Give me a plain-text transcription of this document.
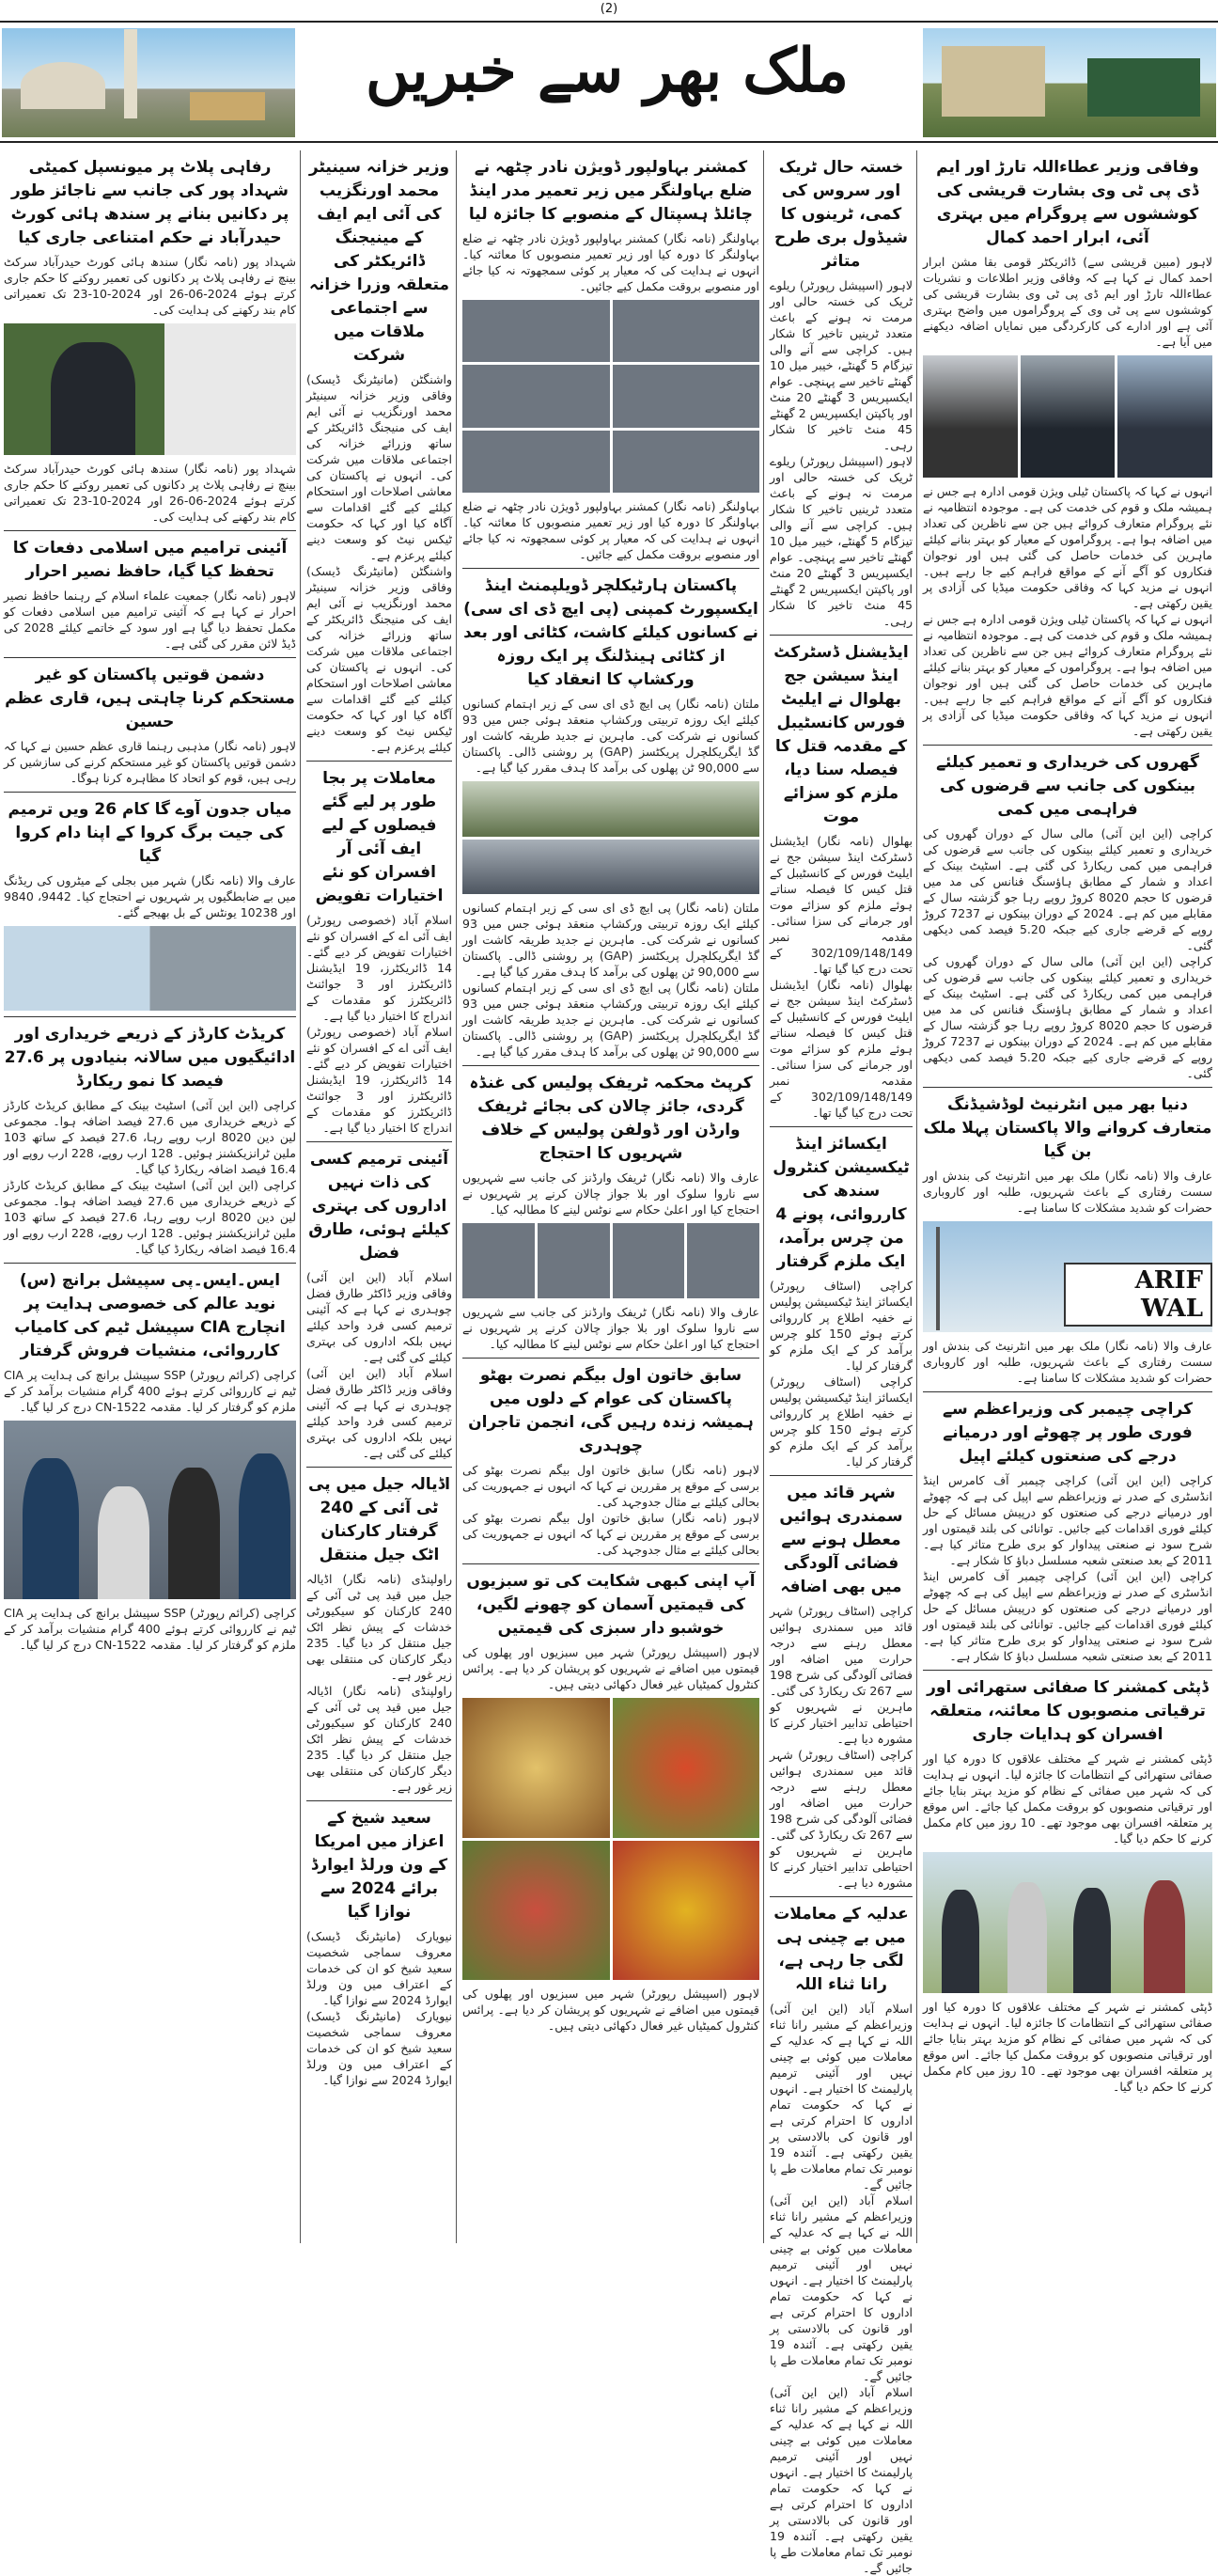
(2)
ملک بھر سے خبریں
وفاقی وزیر عطاءاللہ تارڑ اور ایم ڈی پی ٹی وی بشارت قریشی کی کوششوں سے پروگرام میں بہتری آئی، ابرار احمد کمال
لاہور (مبین قریشی سے) ڈائریکٹر قومی بقا مشن ابرار احمد کمال نے کہا ہے کہ وفاقی وزیر اطلاعات و نشریات عطاءاللہ تارڑ اور ایم ڈی پی ٹی وی بشارت قریشی کی کوششوں سے پی ٹی وی کے پروگراموں میں واضح بہتری آئی ہے اور ادارے کی کارکردگی میں نمایاں اضافہ دیکھنے میں آیا ہے۔
انہوں نے کہا کہ پاکستان ٹیلی ویژن قومی ادارہ ہے جس نے ہمیشہ ملک و قوم کی خدمت کی ہے۔ موجودہ انتظامیہ نے نئے پروگرام متعارف کروائے ہیں جن سے ناظرین کی تعداد میں اضافہ ہوا ہے۔ پروگراموں کے معیار کو بہتر بنانے کیلئے ماہرین کی خدمات حاصل کی گئی ہیں اور نوجوان فنکاروں کو آگے آنے کے مواقع فراہم کیے جا رہے ہیں۔ انہوں نے مزید کہا کہ وفاقی حکومت میڈیا کی آزادی پر یقین رکھتی ہے۔
انہوں نے کہا کہ پاکستان ٹیلی ویژن قومی ادارہ ہے جس نے ہمیشہ ملک و قوم کی خدمت کی ہے۔ موجودہ انتظامیہ نے نئے پروگرام متعارف کروائے ہیں جن سے ناظرین کی تعداد میں اضافہ ہوا ہے۔ پروگراموں کے معیار کو بہتر بنانے کیلئے ماہرین کی خدمات حاصل کی گئی ہیں اور نوجوان فنکاروں کو آگے آنے کے مواقع فراہم کیے جا رہے ہیں۔ انہوں نے مزید کہا کہ وفاقی حکومت میڈیا کی آزادی پر یقین رکھتی ہے۔
گھروں کی خریداری و تعمیر کیلئے بینکوں کی جانب سے قرضوں کی فراہمی میں کمی
کراچی (این این آئی) مالی سال کے دوران گھروں کی خریداری و تعمیر کیلئے بینکوں کی جانب سے قرضوں کی فراہمی میں کمی ریکارڈ کی گئی ہے۔ اسٹیٹ بینک کے اعداد و شمار کے مطابق ہاؤسنگ فنانس کی مد میں قرضوں کا حجم 8020 کروڑ روپے رہا جو گزشتہ سال کے مقابلے میں کم ہے۔ 2024 کے دوران بینکوں نے 7237 کروڑ روپے کے قرضے جاری کیے جبکہ 5.20 فیصد کمی دیکھی گئی۔
کراچی (این این آئی) مالی سال کے دوران گھروں کی خریداری و تعمیر کیلئے بینکوں کی جانب سے قرضوں کی فراہمی میں کمی ریکارڈ کی گئی ہے۔ اسٹیٹ بینک کے اعداد و شمار کے مطابق ہاؤسنگ فنانس کی مد میں قرضوں کا حجم 8020 کروڑ روپے رہا جو گزشتہ سال کے مقابلے میں کم ہے۔ 2024 کے دوران بینکوں نے 7237 کروڑ روپے کے قرضے جاری کیے جبکہ 5.20 فیصد کمی دیکھی گئی۔
دنیا بھر میں انٹرنیٹ لوڈشیڈنگ متعارف کروانے والا پاکستان پہلا ملک بن گیا
عارف والا (نامہ نگار) ملک بھر میں انٹرنیٹ کی بندش اور سست رفتاری کے باعث شہریوں، طلبہ اور کاروباری حضرات کو شدید مشکلات کا سامنا ہے۔
ARIF WAL
عارف والا (نامہ نگار) ملک بھر میں انٹرنیٹ کی بندش اور سست رفتاری کے باعث شہریوں، طلبہ اور کاروباری حضرات کو شدید مشکلات کا سامنا ہے۔
کراچی چیمبر کی وزیراعظم سے فوری طور پر چھوٹے اور درمیانے درجے کی صنعتوں کیلئے اپیل
کراچی (این این آئی) کراچی چیمبر آف کامرس اینڈ انڈسٹری کے صدر نے وزیراعظم سے اپیل کی ہے کہ چھوٹے اور درمیانے درجے کی صنعتوں کو درپیش مسائل کے حل کیلئے فوری اقدامات کیے جائیں۔ توانائی کی بلند قیمتوں اور شرح سود نے صنعتی پیداوار کو بری طرح متاثر کیا ہے۔ 2011 کے بعد صنعتی شعبہ مسلسل دباؤ کا شکار ہے۔
کراچی (این این آئی) کراچی چیمبر آف کامرس اینڈ انڈسٹری کے صدر نے وزیراعظم سے اپیل کی ہے کہ چھوٹے اور درمیانے درجے کی صنعتوں کو درپیش مسائل کے حل کیلئے فوری اقدامات کیے جائیں۔ توانائی کی بلند قیمتوں اور شرح سود نے صنعتی پیداوار کو بری طرح متاثر کیا ہے۔ 2011 کے بعد صنعتی شعبہ مسلسل دباؤ کا شکار ہے۔
ڈپٹی کمشنر کا صفائی ستھرائی اور ترقیاتی منصوبوں کا معائنہ، متعلقہ افسران کو ہدایات جاری
ڈپٹی کمشنر نے شہر کے مختلف علاقوں کا دورہ کیا اور صفائی ستھرائی کے انتظامات کا جائزہ لیا۔ انہوں نے ہدایت کی کہ شہر میں صفائی کے نظام کو مزید بہتر بنایا جائے اور ترقیاتی منصوبوں کو بروقت مکمل کیا جائے۔ اس موقع پر متعلقہ افسران بھی موجود تھے۔ 10 روز میں کام مکمل کرنے کا حکم دیا گیا۔
ڈپٹی کمشنر نے شہر کے مختلف علاقوں کا دورہ کیا اور صفائی ستھرائی کے انتظامات کا جائزہ لیا۔ انہوں نے ہدایت کی کہ شہر میں صفائی کے نظام کو مزید بہتر بنایا جائے اور ترقیاتی منصوبوں کو بروقت مکمل کیا جائے۔ اس موقع پر متعلقہ افسران بھی موجود تھے۔ 10 روز میں کام مکمل کرنے کا حکم دیا گیا۔
خستہ حال ٹریک اور سروس کی کمی، ٹرینوں کا شیڈول بری طرح متاثر
لاہور (اسپیشل رپورٹر) ریلوے ٹریک کی خستہ حالی اور مرمت نہ ہونے کے باعث متعدد ٹرینیں تاخیر کا شکار ہیں۔ کراچی سے آنے والی تیزگام 5 گھنٹے، خیبر میل 10 گھنٹے تاخیر سے پہنچی۔ عوام ایکسپریس 3 گھنٹے 20 منٹ اور پاکپتن ایکسپریس 2 گھنٹے 45 منٹ تاخیر کا شکار رہی۔
لاہور (اسپیشل رپورٹر) ریلوے ٹریک کی خستہ حالی اور مرمت نہ ہونے کے باعث متعدد ٹرینیں تاخیر کا شکار ہیں۔ کراچی سے آنے والی تیزگام 5 گھنٹے، خیبر میل 10 گھنٹے تاخیر سے پہنچی۔ عوام ایکسپریس 3 گھنٹے 20 منٹ اور پاکپتن ایکسپریس 2 گھنٹے 45 منٹ تاخیر کا شکار رہی۔
ایڈیشنل ڈسٹرکٹ اینڈ سیشن جج بھلوال نے ایلیٹ فورس کانسٹیبل کے مقدمہ قتل کا فیصلہ سنا دیا، ملزم کو سزائے موت
بھلوال (نامہ نگار) ایڈیشنل ڈسٹرکٹ اینڈ سیشن جج نے ایلیٹ فورس کے کانسٹیبل کے قتل کیس کا فیصلہ سناتے ہوئے ملزم کو سزائے موت اور جرمانے کی سزا سنائی۔ مقدمہ نمبر 302/109/148/149 کے تحت درج کیا گیا تھا۔
بھلوال (نامہ نگار) ایڈیشنل ڈسٹرکٹ اینڈ سیشن جج نے ایلیٹ فورس کے کانسٹیبل کے قتل کیس کا فیصلہ سناتے ہوئے ملزم کو سزائے موت اور جرمانے کی سزا سنائی۔ مقدمہ نمبر 302/109/148/149 کے تحت درج کیا گیا تھا۔
ایکسائز اینڈ ٹیکسیشن کنٹرول سندھ کی کارروائی، پونے 4 من چرس برآمد، ایک ملزم گرفتار
کراچی (اسٹاف رپورٹر) ایکسائز اینڈ ٹیکسیشن پولیس نے خفیہ اطلاع پر کارروائی کرتے ہوئے 150 کلو چرس برآمد کر کے ایک ملزم کو گرفتار کر لیا۔
کراچی (اسٹاف رپورٹر) ایکسائز اینڈ ٹیکسیشن پولیس نے خفیہ اطلاع پر کارروائی کرتے ہوئے 150 کلو چرس برآمد کر کے ایک ملزم کو گرفتار کر لیا۔
شہر قائد میں سمندری ہوائیں معطل ہونے سے فضائی آلودگی میں بھی اضافہ
کراچی (اسٹاف رپورٹر) شہر قائد میں سمندری ہوائیں معطل رہنے سے درجہ حرارت میں اضافہ اور فضائی آلودگی کی شرح 198 سے 267 تک ریکارڈ کی گئی۔ ماہرین نے شہریوں کو احتیاطی تدابیر اختیار کرنے کا مشورہ دیا ہے۔
کراچی (اسٹاف رپورٹر) شہر قائد میں سمندری ہوائیں معطل رہنے سے درجہ حرارت میں اضافہ اور فضائی آلودگی کی شرح 198 سے 267 تک ریکارڈ کی گئی۔ ماہرین نے شہریوں کو احتیاطی تدابیر اختیار کرنے کا مشورہ دیا ہے۔
عدلیہ کے معاملات میں بے چینی ہی لگی جا رہی ہے، رانا ثناء اللہ
اسلام آباد (این این آئی) وزیراعظم کے مشیر رانا ثناء اللہ نے کہا ہے کہ عدلیہ کے معاملات میں کوئی بے چینی نہیں اور آئینی ترمیم پارلیمنٹ کا اختیار ہے۔ انہوں نے کہا کہ حکومت تمام اداروں کا احترام کرتی ہے اور قانون کی بالادستی پر یقین رکھتی ہے۔ آئندہ 19 نومبر تک تمام معاملات طے پا جائیں گے۔
اسلام آباد (این این آئی) وزیراعظم کے مشیر رانا ثناء اللہ نے کہا ہے کہ عدلیہ کے معاملات میں کوئی بے چینی نہیں اور آئینی ترمیم پارلیمنٹ کا اختیار ہے۔ انہوں نے کہا کہ حکومت تمام اداروں کا احترام کرتی ہے اور قانون کی بالادستی پر یقین رکھتی ہے۔ آئندہ 19 نومبر تک تمام معاملات طے پا جائیں گے۔
اسلام آباد (این این آئی) وزیراعظم کے مشیر رانا ثناء اللہ نے کہا ہے کہ عدلیہ کے معاملات میں کوئی بے چینی نہیں اور آئینی ترمیم پارلیمنٹ کا اختیار ہے۔ انہوں نے کہا کہ حکومت تمام اداروں کا احترام کرتی ہے اور قانون کی بالادستی پر یقین رکھتی ہے۔ آئندہ 19 نومبر تک تمام معاملات طے پا جائیں گے۔
کمشنر بہاولپور ڈویژن نادر چٹھہ نے ضلع بہاولنگر میں زیر تعمیر مدر اینڈ چائلڈ ہسپتال کے منصوبے کا جائزہ لیا
بہاولنگر (نامہ نگار) کمشنر بہاولپور ڈویژن نادر چٹھہ نے ضلع بہاولنگر کا دورہ کیا اور زیر تعمیر منصوبوں کا معائنہ کیا۔ انہوں نے ہدایت کی کہ معیار پر کوئی سمجھوتہ نہ کیا جائے اور منصوبے بروقت مکمل کیے جائیں۔
بہاولنگر (نامہ نگار) کمشنر بہاولپور ڈویژن نادر چٹھہ نے ضلع بہاولنگر کا دورہ کیا اور زیر تعمیر منصوبوں کا معائنہ کیا۔ انہوں نے ہدایت کی کہ معیار پر کوئی سمجھوتہ نہ کیا جائے اور منصوبے بروقت مکمل کیے جائیں۔
پاکستان ہارٹیکلچر ڈویلپمنٹ اینڈ ایکسپورٹ کمپنی (پی ایچ ڈی ای سی) نے کسانوں کیلئے کاشت، کٹائی اور بعد از کٹائی ہینڈلنگ پر ایک روزہ ورکشاپ کا انعقاد کیا
ملتان (نامہ نگار) پی ایچ ڈی ای سی کے زیر اہتمام کسانوں کیلئے ایک روزہ تربیتی ورکشاپ منعقد ہوئی جس میں 93 کسانوں نے شرکت کی۔ ماہرین نے جدید طریقہ کاشت اور گڈ ایگریکلچرل پریکٹسز (GAP) پر روشنی ڈالی۔ پاکستان سے 90,000 ٹن پھلوں کی برآمد کا ہدف مقرر کیا گیا ہے۔
ملتان (نامہ نگار) پی ایچ ڈی ای سی کے زیر اہتمام کسانوں کیلئے ایک روزہ تربیتی ورکشاپ منعقد ہوئی جس میں 93 کسانوں نے شرکت کی۔ ماہرین نے جدید طریقہ کاشت اور گڈ ایگریکلچرل پریکٹسز (GAP) پر روشنی ڈالی۔ پاکستان سے 90,000 ٹن پھلوں کی برآمد کا ہدف مقرر کیا گیا ہے۔
ملتان (نامہ نگار) پی ایچ ڈی ای سی کے زیر اہتمام کسانوں کیلئے ایک روزہ تربیتی ورکشاپ منعقد ہوئی جس میں 93 کسانوں نے شرکت کی۔ ماہرین نے جدید طریقہ کاشت اور گڈ ایگریکلچرل پریکٹسز (GAP) پر روشنی ڈالی۔ پاکستان سے 90,000 ٹن پھلوں کی برآمد کا ہدف مقرر کیا گیا ہے۔
کرپٹ محکمہ ٹریفک پولیس کی غنڈہ گردی، جائز چالان کی بجائے ٹریفک وارڈن اور ڈولفن پولیس کے خلاف شہریوں کا احتجاج
عارف والا (نامہ نگار) ٹریفک وارڈنز کی جانب سے شہریوں سے ناروا سلوک اور بلا جواز چالان کرنے پر شہریوں نے احتجاج کیا اور اعلیٰ حکام سے نوٹس لینے کا مطالبہ کیا۔
عارف والا (نامہ نگار) ٹریفک وارڈنز کی جانب سے شہریوں سے ناروا سلوک اور بلا جواز چالان کرنے پر شہریوں نے احتجاج کیا اور اعلیٰ حکام سے نوٹس لینے کا مطالبہ کیا۔
سابق خاتون اول بیگم نصرت بھٹو پاکستان کی عوام کے دلوں میں ہمیشہ زندہ رہیں گی، انجمن تاجران چوہدری
لاہور (نامہ نگار) سابق خاتون اول بیگم نصرت بھٹو کی برسی کے موقع پر مقررین نے کہا کہ انہوں نے جمہوریت کی بحالی کیلئے بے مثال جدوجہد کی۔
لاہور (نامہ نگار) سابق خاتون اول بیگم نصرت بھٹو کی برسی کے موقع پر مقررین نے کہا کہ انہوں نے جمہوریت کی بحالی کیلئے بے مثال جدوجہد کی۔
آپ اپنی کبھی شکایت کی تو سبزیوں کی قیمتیں آسمان کو چھونے لگیں، خوشبو دار سبزی کی قیمتیں
لاہور (اسپیشل رپورٹر) شہر میں سبزیوں اور پھلوں کی قیمتوں میں اضافے نے شہریوں کو پریشان کر دیا ہے۔ پرائس کنٹرول کمیٹیاں غیر فعال دکھائی دیتی ہیں۔
لاہور (اسپیشل رپورٹر) شہر میں سبزیوں اور پھلوں کی قیمتوں میں اضافے نے شہریوں کو پریشان کر دیا ہے۔ پرائس کنٹرول کمیٹیاں غیر فعال دکھائی دیتی ہیں۔
وزیر خزانہ سینیٹر محمد اورنگزیب کی آئی ایم ایف کے مینیجنگ ڈائریکٹر کی متعلقہ وزرا خزانہ سے اجتماعی ملاقات میں شرکت
واشنگٹن (مانیٹرنگ ڈیسک) وفاقی وزیر خزانہ سینیٹر محمد اورنگزیب نے آئی ایم ایف کی منیجنگ ڈائریکٹر کے ساتھ وزرائے خزانہ کی اجتماعی ملاقات میں شرکت کی۔ انہوں نے پاکستان کی معاشی اصلاحات اور استحکام کیلئے کیے گئے اقدامات سے آگاہ کیا اور کہا کہ حکومت ٹیکس نیٹ کو وسعت دینے کیلئے پرعزم ہے۔
واشنگٹن (مانیٹرنگ ڈیسک) وفاقی وزیر خزانہ سینیٹر محمد اورنگزیب نے آئی ایم ایف کی منیجنگ ڈائریکٹر کے ساتھ وزرائے خزانہ کی اجتماعی ملاقات میں شرکت کی۔ انہوں نے پاکستان کی معاشی اصلاحات اور استحکام کیلئے کیے گئے اقدامات سے آگاہ کیا اور کہا کہ حکومت ٹیکس نیٹ کو وسعت دینے کیلئے پرعزم ہے۔
معاملات پر بجا طور پر لیے گئے فیصلوں کے لیے ایف آئی آر افسران کو نئے اختیارات تفویض
اسلام آباد (خصوصی رپورٹر) ایف آئی اے کے افسران کو نئے اختیارات تفویض کر دیے گئے۔ 14 ڈائریکٹرز، 19 ایڈیشنل ڈائریکٹرز اور 3 جوائنٹ ڈائریکٹرز کو مقدمات کے اندراج کا اختیار دیا گیا ہے۔
اسلام آباد (خصوصی رپورٹر) ایف آئی اے کے افسران کو نئے اختیارات تفویض کر دیے گئے۔ 14 ڈائریکٹرز، 19 ایڈیشنل ڈائریکٹرز اور 3 جوائنٹ ڈائریکٹرز کو مقدمات کے اندراج کا اختیار دیا گیا ہے۔
آئینی ترمیم کسی کی ذات نہیں اداروں کی بہتری کیلئے ہوئی، طارق فضل
اسلام آباد (این این آئی) وفاقی وزیر ڈاکٹر طارق فضل چوہدری نے کہا ہے کہ آئینی ترمیم کسی فرد واحد کیلئے نہیں بلکہ اداروں کی بہتری کیلئے کی گئی ہے۔
اسلام آباد (این این آئی) وفاقی وزیر ڈاکٹر طارق فضل چوہدری نے کہا ہے کہ آئینی ترمیم کسی فرد واحد کیلئے نہیں بلکہ اداروں کی بہتری کیلئے کی گئی ہے۔
اڈیالہ جیل میں پی ٹی آئی کے 240 گرفتار کارکنان اٹک جیل منتقل
راولپنڈی (نامہ نگار) اڈیالہ جیل میں قید پی ٹی آئی کے 240 کارکنان کو سیکیورٹی خدشات کے پیش نظر اٹک جیل منتقل کر دیا گیا۔ 235 دیگر کارکنان کی منتقلی بھی زیر غور ہے۔
راولپنڈی (نامہ نگار) اڈیالہ جیل میں قید پی ٹی آئی کے 240 کارکنان کو سیکیورٹی خدشات کے پیش نظر اٹک جیل منتقل کر دیا گیا۔ 235 دیگر کارکنان کی منتقلی بھی زیر غور ہے۔
سعید شیخ کے اعزاز میں امریکا کے ون ورلڈ ایوارڈ برائے 2024 سے نوازا گیا
نیویارک (مانیٹرنگ ڈیسک) معروف سماجی شخصیت سعید شیخ کو ان کی خدمات کے اعتراف میں ون ورلڈ ایوارڈ 2024 سے نوازا گیا۔
نیویارک (مانیٹرنگ ڈیسک) معروف سماجی شخصیت سعید شیخ کو ان کی خدمات کے اعتراف میں ون ورلڈ ایوارڈ 2024 سے نوازا گیا۔
رفاہی پلاٹ پر میونسپل کمیٹی شہداد پور کی جانب سے ناجائز طور پر دکانیں بنانے پر سندھ ہائی کورٹ حیدرآباد نے حکم امتناعی جاری کیا
شہداد پور (نامہ نگار) سندھ ہائی کورٹ حیدرآباد سرکٹ بینچ نے رفاہی پلاٹ پر دکانوں کی تعمیر روکنے کا حکم جاری کرتے ہوئے 2024-06-26 اور 2024-10-23 تک تعمیراتی کام بند رکھنے کی ہدایت کی۔
شہداد پور (نامہ نگار) سندھ ہائی کورٹ حیدرآباد سرکٹ بینچ نے رفاہی پلاٹ پر دکانوں کی تعمیر روکنے کا حکم جاری کرتے ہوئے 2024-06-26 اور 2024-10-23 تک تعمیراتی کام بند رکھنے کی ہدایت کی۔
آئینی ترامیم میں اسلامی دفعات کا تحفظ کیا گیا، حافظ نصیر احرار
لاہور (نامہ نگار) جمعیت علماء اسلام کے رہنما حافظ نصیر احرار نے کہا ہے کہ آئینی ترامیم میں اسلامی دفعات کو مکمل تحفظ دیا گیا ہے اور سود کے خاتمے کیلئے 2028 کی ڈیڈ لائن مقرر کی گئی ہے۔
دشمن قوتیں پاکستان کو غیر مستحکم کرنا چاہتی ہیں، قاری عظم حسین
لاہور (نامہ نگار) مذہبی رہنما قاری عظم حسین نے کہا کہ دشمن قوتیں پاکستان کو غیر مستحکم کرنے کی سازشیں کر رہی ہیں، قوم کو اتحاد کا مظاہرہ کرنا ہوگا۔
میاں جدون آوے گا کام 26 ویں ترمیم کی جیت برگ کروا کے اپنا دام کروا گیا
عارف والا (نامہ نگار) شہر میں بجلی کے میٹروں کی ریڈنگ میں بے ضابطگیوں پر شہریوں نے احتجاج کیا۔ 9442، 9840 اور 10238 یونٹس کے بل بھیجے گئے۔
کریڈٹ کارڈز کے ذریعے خریداری اور ادائیگیوں میں سالانہ بنیادوں پر 27.6 فیصد کا نمو ریکارڈ
کراچی (این این آئی) اسٹیٹ بینک کے مطابق کریڈٹ کارڈز کے ذریعے خریداری میں 27.6 فیصد اضافہ ہوا۔ مجموعی لین دین 8020 ارب روپے رہا، 27.6 فیصد کے ساتھ 103 ملین ٹرانزیکشنز ہوئیں۔ 128 ارب روپے، 228 ارب روپے اور 16.4 فیصد اضافہ ریکارڈ کیا گیا۔
کراچی (این این آئی) اسٹیٹ بینک کے مطابق کریڈٹ کارڈز کے ذریعے خریداری میں 27.6 فیصد اضافہ ہوا۔ مجموعی لین دین 8020 ارب روپے رہا، 27.6 فیصد کے ساتھ 103 ملین ٹرانزیکشنز ہوئیں۔ 128 ارب روپے، 228 ارب روپے اور 16.4 فیصد اضافہ ریکارڈ کیا گیا۔
ایس۔ایس۔پی سپیشل برانچ (س) نوید عالم کی خصوصی ہدایت پر انچارج CIA سپیشل ٹیم کی کامیاب کارروائی، منشیات فروش گرفتار
کراچی (کرائم رپورٹر) SSP سپیشل برانچ کی ہدایت پر CIA ٹیم نے کارروائی کرتے ہوئے 400 گرام منشیات برآمد کر کے ملزم کو گرفتار کر لیا۔ مقدمہ CN-1522 درج کر لیا گیا۔
کراچی (کرائم رپورٹر) SSP سپیشل برانچ کی ہدایت پر CIA ٹیم نے کارروائی کرتے ہوئے 400 گرام منشیات برآمد کر کے ملزم کو گرفتار کر لیا۔ مقدمہ CN-1522 درج کر لیا گیا۔
